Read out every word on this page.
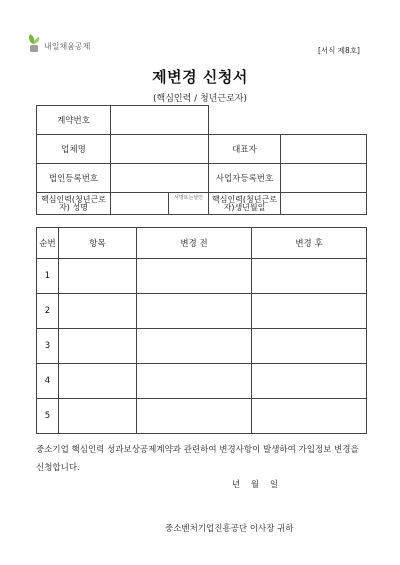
내일채움공제	[서식 제8호]
제변경 신청서
(핵심인력 / 청년근로자)
계약번호				
업체명			대표자	
법인등록번호			사업자등록번호	
핵심인력(청년근로자) 성명		서명또는날인	핵심인력(청년근로자)생년월일	
순번	항목	변경 전	변경 후
1			
2			
3			
4			
5			
중소기업 핵심인력 성과보상공제계약과 관련하여 변경사항이 발생하여 가입정보 변경을 신청합니다.
년 월 일
중소벤처기업진흥공단 이사장 귀하
